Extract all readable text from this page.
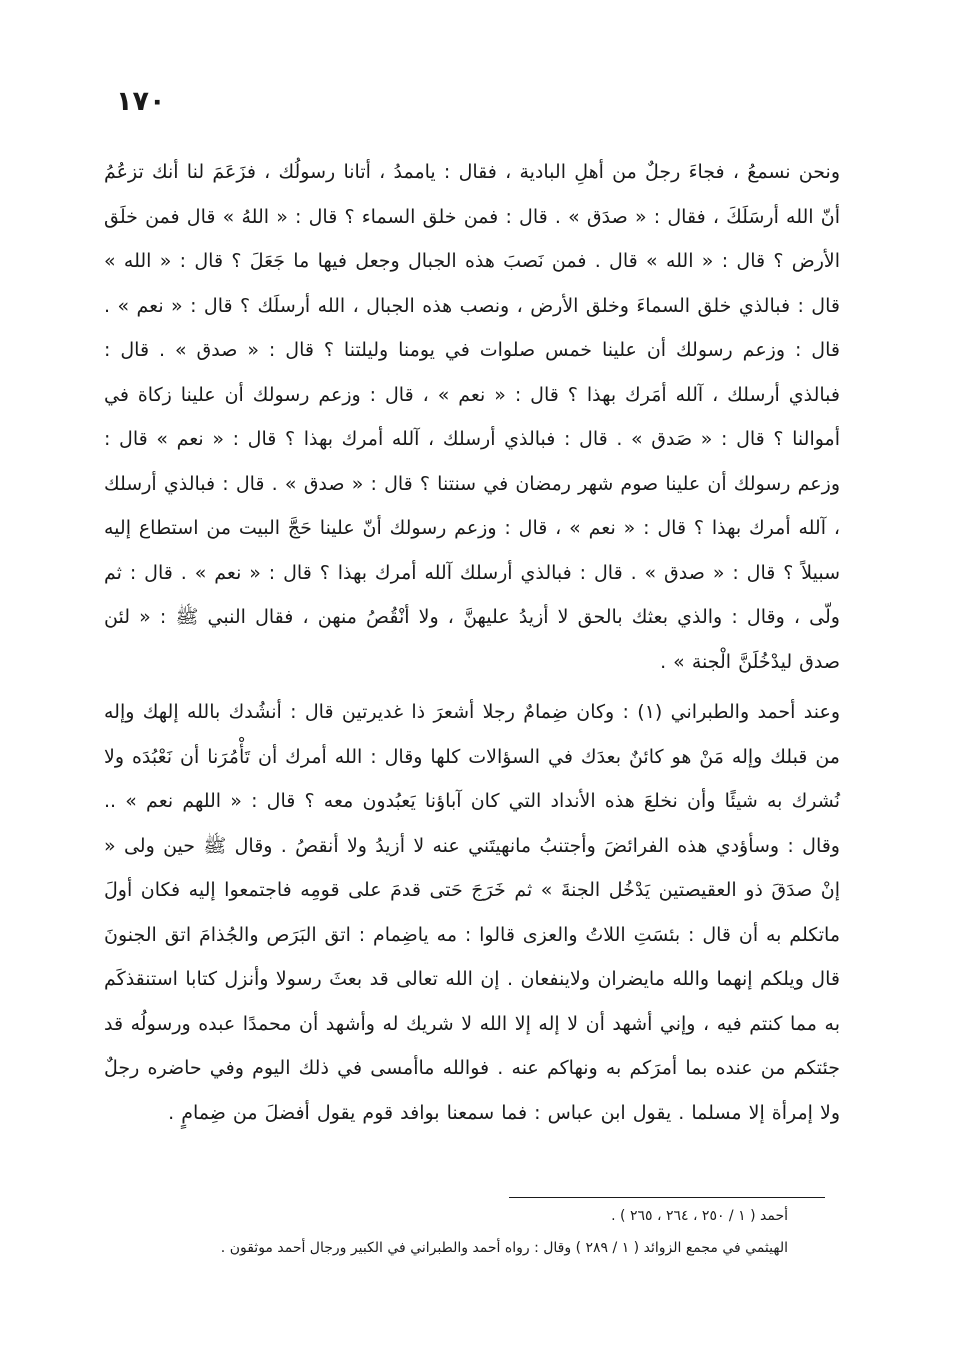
١٧٠

ونحن نسمعُ ، فجاءَ رجلٌ من أهلِ البادية ، فقال : ياممدُ ، أتانا رسولُك ، فزَعَمَ لنا أنك تزعُمُ أنّ الله أرسَلَكَ ، فقال : « صدَق » . قال : فمن خلق السماء ؟ قال : « اللهُ » قال فمن خلَق الأرض ؟ قال : « الله » قال . فمن نَصبَ هذه الجبال وجعل فيها ما جَعَلَ ؟ قال : « الله » قال : فبالذي خلق السماءَ وخلق الأرض ، ونصب هذه الجبال ، الله أرسلَك ؟ قال : « نعم » . قال : وزعم رسولك أن علينا خمس صلوات في يومنا وليلتنا ؟ قال : « صدق » . قال : فبالذي أرسلك ، آلله أمَرك بهذا ؟ قال : « نعم » ، قال : وزعم رسولك أن علينا زكاة في أموالنا ؟ قال : « صَدق » . قال : فبالذي أرسلك ، آلله أمرك بهذا ؟ قال : « نعم » قال : وزعم رسولك أن علينا صوم شهر رمضان في سنتنا ؟ قال : « صدق » . قال : فبالذي أرسلك ، آلله أمرك بهذا ؟ قال : « نعم » ، قال : وزعم رسولك أنّ علينا حَجَّ البيت من استطاع إليه سبيلاً ؟ قال : « صدق » . قال : فبالذي أرسلك آلله أمرك بهذا ؟ قال : « نعم » . قال : ثم ولّى ، وقال : والذي بعثك بالحق لا أزيدُ عليهنَّ ، ولا أنْقُصُ منهن ، فقال النبي ﷺ : « لئن صدق ليدْخُلَنَّ الْجنة » .

وعند أحمد والطبراني (١) : وكان ضِمامٌ رجلا أشعرَ ذا غديرتين قال : أنشُدك بالله إلهك وإله من قبلك وإله مَنْ هو كائنٌ بعدَك في السؤالات كلها وقال : الله أمرك أن تَأْمُرَنا أن نَعْبُدَه ولا نُشرك به شيئًا وأن نخلعَ هذه الأنداد التي كان آباؤنا يَعبُدون معه ؟ قال : « اللهم نعم » .. وقال : وسأؤدي هذه الفرائضَ وأجتنبُ مانهيتَني عنه لا أزيدُ ولا أنقصُ . وقال ﷺ حين ولى « إنْ صدَقَ ذو العقيصتين يَدْخُل الجنةَ » ثم خَرَجَ حَتى قدمَ على قومِه فاجتمعوا إليه فكان أولَ ماتكلم به أن قال : بئسَتِ اللاتُ والعزى قالوا : مه ياضِمام : اتق البَرَص والجُذامَ اتق الجنونَ قال ويلكم إنهما والله مايضران ولاينفعان . إن الله تعالى قد بعثَ رسولا وأنزل كتابا استنقذكَم به مما كنتم فيه ، وإني أشهد أن لا إله إلا الله لا شريك له وأشهد أن محمدًا عبده ورسولُه قد جئتكم من عنده بما أمرَكم به ونهاكم عنه . فوالله ماأمسى في ذلك اليوم وفي حاضره رجلٌ ولا إمرأة إلا مسلما . يقول ابن عباس : فما سمعنا بوافد قوم يقول أفضلَ من ضِمامٍ .

أحمد ( ١ / ٢٥٠ ، ٢٦٤ ، ٢٦٥ ) .

الهيثمي في مجمع الزوائد ( ١ / ٢٨٩ ) وقال : رواه أحمد والطبراني في الكبير ورجال أحمد موثقون .
